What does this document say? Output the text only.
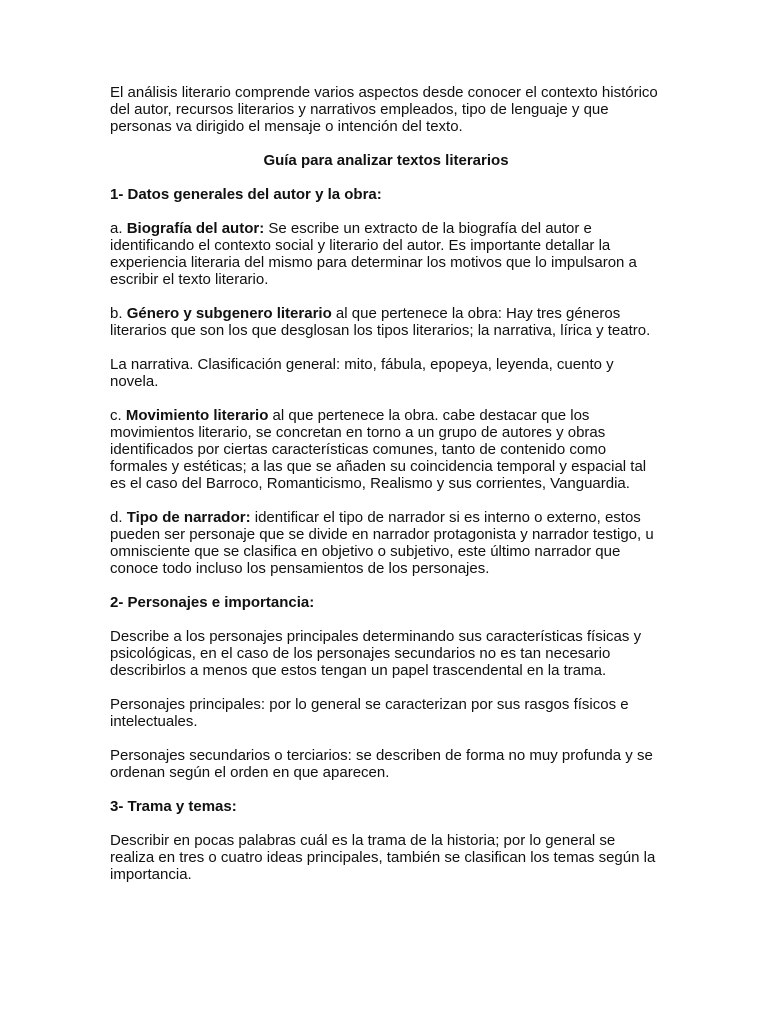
El análisis literario comprende varios aspectos desde conocer el contexto histórico del autor, recursos literarios y narrativos empleados, tipo de lenguaje y que personas va dirigido el mensaje o intención del texto.

Guía para analizar textos literarios

1- Datos generales del autor y la obra:

a. Biografía del autor: Se escribe un extracto de la biografía del autor e identificando el contexto social y literario del autor. Es importante detallar la experiencia literaria del mismo para determinar los motivos que lo impulsaron a escribir el texto literario.

b. Género y subgenero literario al que pertenece la obra: Hay tres géneros literarios que son los que desglosan los tipos literarios; la narrativa, lírica y teatro.

La narrativa. Clasificación general: mito, fábula, epopeya, leyenda, cuento y novela.

c. Movimiento literario al que pertenece la obra. cabe destacar que los movimientos literario, se concretan en torno a un grupo de autores y obras identificados por ciertas características comunes, tanto de contenido como formales y estéticas; a las que se añaden su coincidencia temporal y espacial tal es el caso del Barroco, Romanticismo, Realismo y sus corrientes, Vanguardia.

d. Tipo de narrador: identificar el tipo de narrador si es interno o externo, estos pueden ser personaje que se divide en narrador protagonista y narrador testigo, u omnisciente que se clasifica en objetivo o subjetivo, este último narrador que conoce todo incluso los pensamientos de los personajes.

2- Personajes e importancia:

Describe a los personajes principales determinando sus características físicas y psicológicas, en el caso de los personajes secundarios no es tan necesario describirlos a menos que estos tengan un papel trascendental en la trama.

Personajes principales: por lo general se caracterizan por sus rasgos físicos e intelectuales.

Personajes secundarios o terciarios: se describen de forma no muy profunda y se ordenan según el orden en que aparecen.

3- Trama y temas:

Describir en pocas palabras cuál es la trama de la historia; por lo general se realiza en tres o cuatro ideas principales, también se clasifican los temas según la importancia.
